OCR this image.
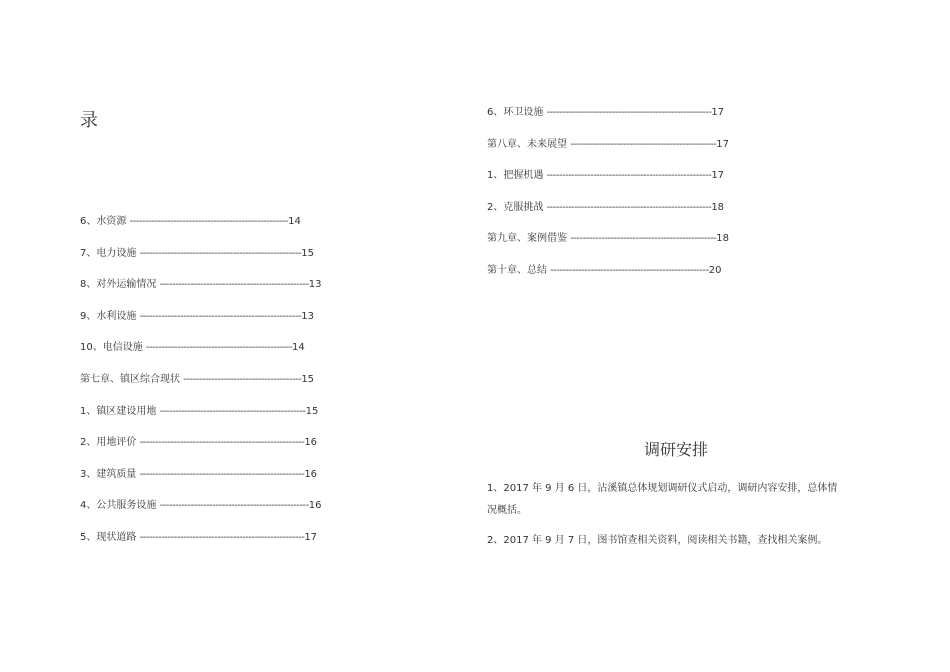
录
6、水资源 ---------------------------------------------------14
7、电力设施 ----------------------------------------------------15
8、对外运输情况 ------------------------------------------------13
9、水利设施 ----------------------------------------------------13
10、电信设施 -----------------------------------------------14
第七章、镇区综合现状 --------------------------------------15
1、镇区建设用地 -----------------------------------------------15
2、用地评价 -----------------------------------------------------16
3、建筑质量 -----------------------------------------------------16
4、公共服务设施 ------------------------------------------------16
5、现状道路 -----------------------------------------------------17
6、环卫设施 -----------------------------------------------------17
第八章、未来展望 -----------------------------------------------17
1、把握机遇 -----------------------------------------------------17
2、克服挑战 -----------------------------------------------------18
第九章、案例借鉴 -----------------------------------------------18
第十章、总结 ---------------------------------------------------20
调研安排
1、2017 年 9 月 6 日，沾溪镇总体规划调研仪式启动，调研内容安排，总体情况概括。
2、2017 年 9 月 7 日，图书馆查相关资料，阅读相关书籍，查找相关案例。
